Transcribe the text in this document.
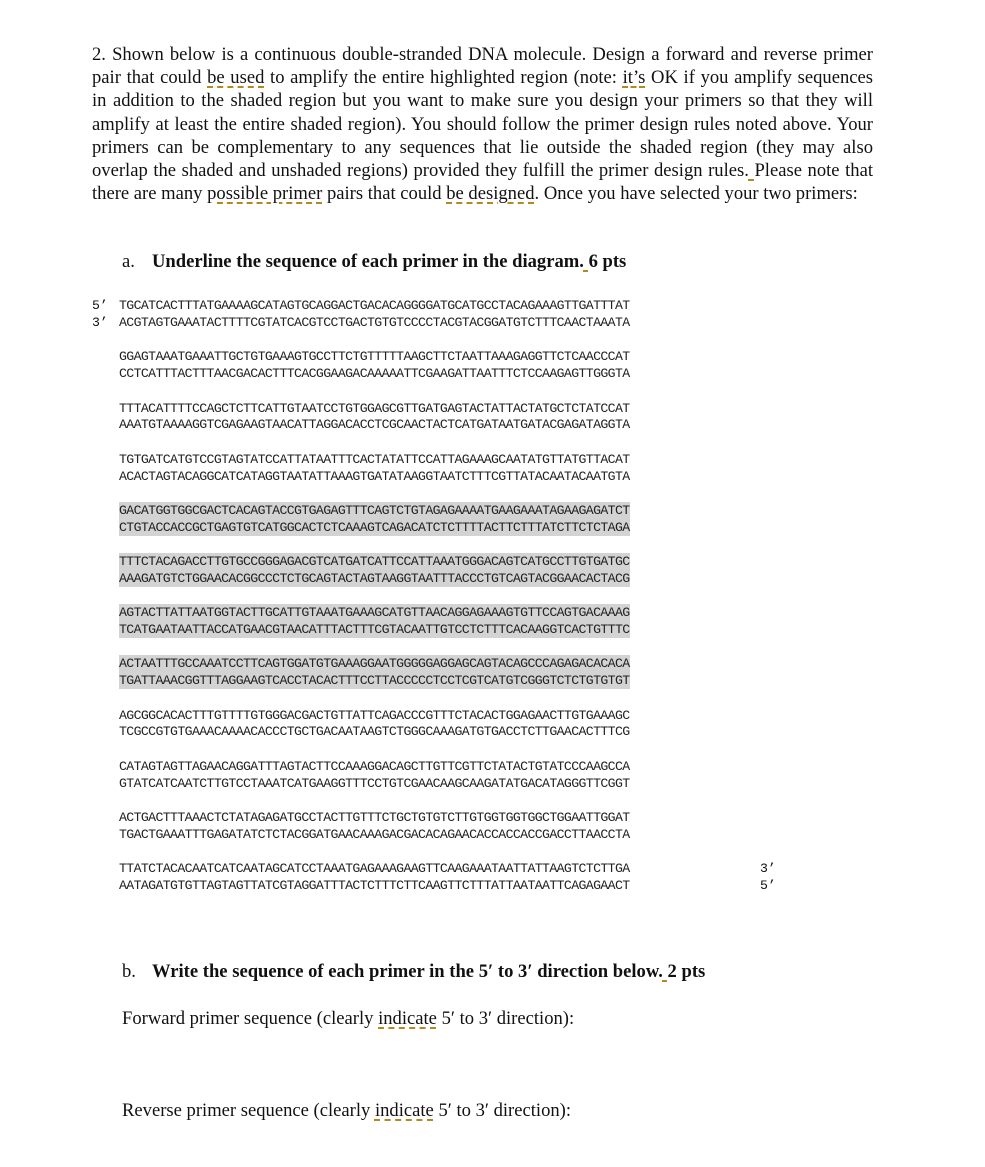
2. Shown below is a continuous double-stranded DNA molecule. Design a forward and reverse primer pair that could be used to amplify the entire highlighted region (note: it’s OK if you amplify sequences in addition to the shaded region but you want to make sure you design your primers so that they will amplify at least the entire shaded region). You should follow the primer design rules noted above. Your primers can be complementary to any sequences that lie outside the shaded region (they may also overlap the shaded and unshaded regions) provided they fulfill the primer design rules. Please note that there are many possible primer pairs that could be designed. Once you have selected your two primers:

a. Underline the sequence of each primer in the diagram. 6 pts

5’
3’
TGCATCACTTTATGAAAAGCATAGTGCAGGACTGACACAGGGGATGCATGCCTACAGAAAGTTGATTTAT
ACGTAGTGAAATACTTTTCGTATCACGTCCTGACTGTGTCCCCTACGTACGGATGTCTTTCAACTAAATA
GGAGTAAATGAAATTGCTGTGAAAGTGCCTTCTGTTTTTAAGCTTCTAATTAAAGAGGTTCTCAACCCAT
CCTCATTTACTTTAACGACACTTTCACGGAAGACAAAAATTCGAAGATTAATTTCTCCAAGAGTTGGGTA
TTTACATTTTCCAGCTCTTCATTGTAATCCTGTGGAGCGTTGATGAGTACTATTACTATGCTCTATCCAT
AAATGTAAAAGGTCGAGAAGTAACATTAGGACACCTCGCAACTACTCATGATAATGATACGAGATAGGTA
TGTGATCATGTCCGTAGTATCCATTATAATTTCACTATATTCCATTAGAAAGCAATATGTTATGTTACAT
ACACTAGTACAGGCATCATAGGTAATATTAAAGTGATATAAGGTAATCTTTCGTTATACAATACAATGTA
GACATGGTGGCGACTCACAGTACCGTGAGAGTTTCAGTCTGTAGAGAAAATGAAGAAATAGAAGAGATCT
CTGTACCACCGCTGAGTGTCATGGCACTCTCAAAGTCAGACATCTCTTTTACTTCTTTATCTTCTCTAGA
TTTCTACAGACCTTGTGCCGGGAGACGTCATGATCATTCCATTAAATGGGACAGTCATGCCTTGTGATGC
AAAGATGTCTGGAACACGGCCCTCTGCAGTACTAGTAAGGTAATTTACCCTGTCAGTACGGAACACTACG
AGTACTTATTAATGGTACTTGCATTGTAAATGAAAGCATGTTAACAGGAGAAAGTGTTCCAGTGACAAAG
TCATGAATAATTACCATGAACGTAACATTTACTTTCGTACAATTGTCCTCTTTCACAAGGTCACTGTTTC
ACTAATTTGCCAAATCCTTCAGTGGATGTGAAAGGAATGGGGGAGGAGCAGTACAGCCCAGAGACACACA
TGATTAAACGGTTTAGGAAGTCACCTACACTTTCCTTACCCCCTCCTCGTCATGTCGGGTCTCTGTGTGT
AGCGGCACACTTTGTTTTGTGGGACGACTGTTATTCAGACCCGTTTCTACACTGGAGAACTTGTGAAAGC
TCGCCGTGTGAAACAAAACACCCTGCTGACAATAAGTCTGGGCAAAGATGTGACCTCTTGAACACTTTCG
CATAGTAGTTAGAACAGGATTTAGTACTTCCAAAGGACAGCTTGTTCGTTCTATACTGTATCCCAAGCCA
GTATCATCAATCTTGTCCTAAATCATGAAGGTTTCCTGTCGAACAAGCAAGATATGACATAGGGTTCGGT
ACTGACTTTAAACTCTATAGAGATGCCTACTTGTTTCTGCTGTGTCTTGTGGTGGTGGCTGGAATTGGAT
TGACTGAAATTTGAGATATCTCTACGGATGAACAAAGACGACACAGAACACCACCACCGACCTTAACCTA
TTATCTACACAATCATCAATAGCATCCTAAATGAGAAAGAAGTTCAAGAAATAATTATTAAGTCTCTTGA
AATAGATGTGTTAGTAGTTATCGTAGGATTTACTCTTTCTTCAAGTTCTTTATTAATAATTCAGAGAACT
3’
5’

b. Write the sequence of each primer in the 5′ to 3′ direction below. 2 pts

Forward primer sequence (clearly indicate 5′ to 3′ direction):

Reverse primer sequence (clearly indicate 5′ to 3′ direction):
